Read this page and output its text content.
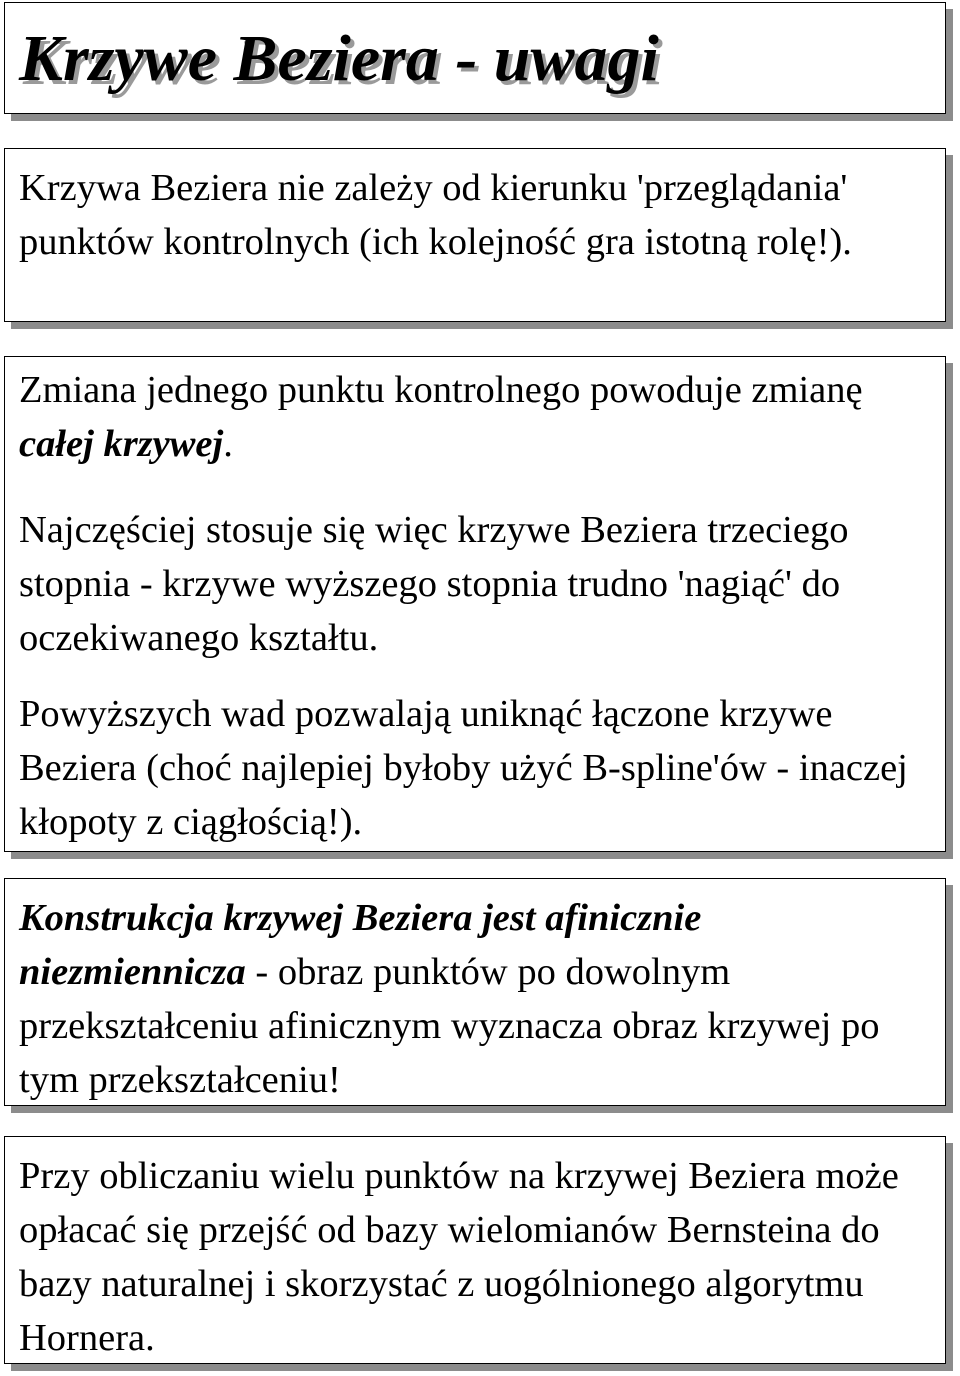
Krzywe Beziera - uwagi

Krzywa Beziera nie zależy od kierunku 'przeglądania' punktów kontrolnych (ich kolejność gra istotną rolę!).

Zmiana jednego punktu kontrolnego powoduje zmianę całej krzywej.

Najczęściej stosuje się więc krzywe Beziera trzeciego stopnia - krzywe wyższego stopnia trudno 'nagiąć' do oczekiwanego kształtu.

Powyższych wad pozwalają uniknąć łączone krzywe Beziera (choć najlepiej byłoby użyć B-spline'ów - inaczej kłopoty z ciągłością!).

Konstrukcja krzywej Beziera jest afinicznie niezmiennicza - obraz punktów po dowolnym przekształceniu afinicznym wyznacza obraz krzywej po tym przekształceniu!

Przy obliczaniu wielu punktów na krzywej Beziera może opłacać się przejść od bazy wielomianów Bernsteina do bazy naturalnej i skorzystać z uogólnionego algorytmu Hornera.
